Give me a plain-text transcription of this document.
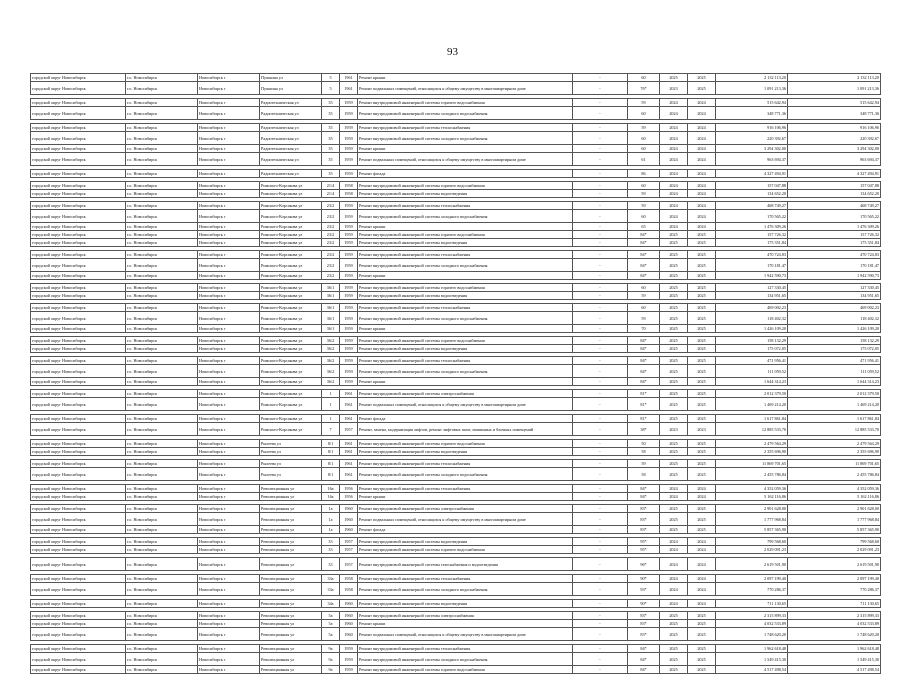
93
городской округ Новосибирск	г.о. Новосибирск	Новосибирск г	Пушкина ул	5	1961	Ремонт крыши	-	60	2025	2025	2 132 113,20	2 132 113,20
городской округ Новосибирск	г.о. Новосибирск	Новосибирск г	Пушкина ул	5	1961	Ремонт подвальных помещений, относящихся к общему имуществу в многоквартирном доме	-	76*	2023	2025	1 091 213,36	1 091 213,36

городской округ Новосибирск	г.о. Новосибирск	Новосибирск г	Радиотехническая ул	35	1959	Ремонт внутридомовой инженерной системы горячего водоснабжения	-	59	2024	2024	515 642,94	515 642,94
городской округ Новосибирск	г.о. Новосибирск	Новосибирск г	Радиотехническая ул	35	1959	Ремонт внутридомовой инженерной системы холодного водоснабжения	-	60	2024	2024	348 771,36	348 771,36

городской округ Новосибирск	г.о. Новосибирск	Новосибирск г	Радиотехническая ул	35	1959	Ремонт внутридомовой инженерной системы теплоснабжения	-	59	2024	2024	916 106,96	916 106,96
городской округ Новосибирск	г.о. Новосибирск	Новосибирск г	Радиотехническая ул	35	1959	Ремонт внутридомовой инженерной системы холодного водоснабжения	-	60	2024	2024	220 392,67	220 392,67
городской округ Новосибирск	г.о. Новосибирск	Новосибирск г	Радиотехническая ул	35	1959	Ремонт крыши	-	60	2024	2024	3 294 302,00	3 294 302,00
городской округ Новосибирск	г.о. Новосибирск	Новосибирск г	Радиотехническая ул	35	1959	Ремонт подвальных помещений, относящихся к общему имуществу в многоквартирном доме	-	61	2024	2024	963 694,37	963 694,37

городской округ Новосибирск	г.о. Новосибирск	Новосибирск г	Радиотехническая ул	35	1959	Ремонт фасада	-	86	2024	2024	4 327 494,91	4 327 494,91

городской округ Новосибирск	г.о. Новосибирск	Новосибирск г	Римского-Корсакова ул	21/4	1958	Ремонт внутридомовой инженерной системы горячего водоснабжения	-	60	2024	2024	157 047,88	157 047,88
городской округ Новосибирск	г.о. Новосибирск	Новосибирск г	Римского-Корсакова ул	21/4	1958	Ремонт внутридомовой инженерной системы водоотведения	-	59	2024	2024	134 652,20	134 652,20

городской округ Новосибирск	г.о. Новосибирск	Новосибирск г	Римского-Корсакова ул	23/2	1959	Ремонт внутридомовой инженерной системы теплоснабжения	-	59	2024	2024	468 749,27	468 749,27
городской округ Новосибирск	г.о. Новосибирск	Новосибирск г	Римского-Корсакова ул	23/2	1959	Ремонт внутридомовой инженерной системы холодного водоснабжения	-	60	2024	2024	170 565,22	170 565,22
городской округ Новосибирск	г.о. Новосибирск	Новосибирск г	Римского-Корсакова ул	23/2	1959	Ремонт крыши	-	65	2024	2024	1 476 309,26	1 476 309,26
городской округ Новосибирск	г.о. Новосибирск	Новосибирск г	Римского-Корсакова ул	23/2	1959	Ремонт внутридомовой инженерной системы горячего водоснабжения	-	84*	2025	2025	157 726,32	157 726,32
городской округ Новосибирск	г.о. Новосибирск	Новосибирск г	Римского-Корсакова ул	23/2	1959	Ремонт внутридомовой инженерной системы водоотведения	-	84*	2025	2025	175 351,84	175 351,84

городской округ Новосибирск	г.о. Новосибирск	Новосибирск г	Римского-Корсакова ул	23/2	1959	Ремонт внутридомовой инженерной системы теплоснабжения	-	84*	2025	2025	470 724,83	470 724,83
городской округ Новосибирск	г.о. Новосибирск	Новосибирск г	Римского-Корсакова ул	23/2	1959	Ремонт внутридомовой инженерной системы холодного водоснабжения	-	84*	2025	2025	170 181,47	170 181,47
городской округ Новосибирск	г.о. Новосибирск	Новосибирск г	Римского-Корсакова ул	23/2	1959	Ремонт крыши	-	84*	2025	2025	1 942 590,73	1 942 590,73

городской округ Новосибирск	г.о. Новосибирск	Новосибирск г	Римского-Корсакова ул	36/1	1959	Ремонт внутридомовой инженерной системы горячего водоснабжения	-	60	2025	2025	127 330,45	127 330,45
городской округ Новосибирск	г.о. Новосибирск	Новосибирск г	Римского-Корсакова ул	36/1	1959	Ремонт внутридомовой инженерной системы водоотведения	-	59	2025	2025	134 951,65	134 951,65

городской округ Новосибирск	г.о. Новосибирск	Новосибирск г	Римского-Корсакова ул	36/1	1959	Ремонт внутридомовой инженерной системы теплоснабжения	-	60	2025	2025	469 002,23	469 002,23
городской округ Новосибирск	г.о. Новосибирск	Новосибирск г	Римского-Корсакова ул	36/1	1959	Ремонт внутридомовой инженерной системы холодного водоснабжения	-	59	2025	2025	118 402,32	118 402,32
городской округ Новосибирск	г.о. Новосибирск	Новосибирск г	Римского-Корсакова ул	36/1	1959	Ремонт крыши	-	70	2025	2025	1 426 109,20	1 426 109,20

городской округ Новосибирск	г.о. Новосибирск	Новосибирск г	Римского-Корсакова ул	36/2	1959	Ремонт внутридомовой инженерной системы горячего водоснабжения	-	84*	2025	2025	158 132,29	158 132,29
городской округ Новосибирск	г.о. Новосибирск	Новосибирск г	Римского-Корсакова ул	36/2	1959	Ремонт внутридомовой инженерной системы водоотведения	-	84*	2025	2025	175 072,05	175 072,05

городской округ Новосибирск	г.о. Новосибирск	Новосибирск г	Римского-Корсакова ул	36/2	1959	Ремонт внутридомовой инженерной системы теплоснабжения	-	84*	2025	2025	471 956,41	471 956,41
городской округ Новосибирск	г.о. Новосибирск	Новосибирск г	Римского-Корсакова ул	36/2	1959	Ремонт внутридомовой инженерной системы холодного водоснабжения	-	84*	2025	2025	111 059,52	111 059,52
городской округ Новосибирск	г.о. Новосибирск	Новосибирск г	Римского-Корсакова ул	36/2	1959	Ремонт крыши	-	84*	2025	2025	1 644 314,23	1 644 314,23

городской округ Новосибирск	г.о. Новосибирск	Новосибирск г	Римского-Корсакова ул	1	1961	Ремонт внутридомовой инженерной системы электроснабжения	-	81*	2025	2025	2 012 379,50	2 012 379,50
городской округ Новосибирск	г.о. Новосибирск	Новосибирск г	Римского-Корсакова ул	1	1961	Ремонт подвальных помещений, относящихся к общему имуществу в многоквартирном доме	-	81*	2025	2025	1 469 214,20	1 469 214,20

городской округ Новосибирск	г.о. Новосибирск	Новосибирск г	Римского-Корсакова ул	1	1961	Ремонт фасада	-	81*	2025	2025	1 617 861,84	1 617 861,84
городской округ Новосибирск	г.о. Новосибирск	Новосибирск г	Римского-Корсакова ул	7	1957	Ремонт, замена, модернизация лифтов, ремонт лифтовых шахт, машинных и блочных помещений	-	38*	2023	2023	12 885 533,70	12 885 533,70

городской округ Новосибирск	г.о. Новосибирск	Новосибирск г	Рылеева ул	8/1	1961	Ремонт внутридомовой инженерной системы горячего водоснабжения	-	50	2025	2025	2 479 564,29	2 479 564,29
городской округ Новосибирск	г.о. Новосибирск	Новосибирск г	Рылеева ул	8/1	1961	Ремонт внутридомовой инженерной системы водоотведения	-	58	2025	2025	2 355 696,90	2 355 696,90

городской округ Новосибирск	г.о. Новосибирск	Новосибирск г	Рылеева ул	8/1	1961	Ремонт внутридомовой инженерной системы теплоснабжения	-	59	2025	2025	11 869 701,65	11 869 701,65
городской округ Новосибирск	г.о. Новосибирск	Новосибирск г	Рылеева ул	8/1	1961	Ремонт внутридомовой инженерной системы холодного водоснабжения	-	58	2025	2025	2 455 786,84	2 455 786,84

городской округ Новосибирск	г.о. Новосибирск	Новосибирск г	Революционная ул	16а	1956	Ремонт внутридомовой инженерной системы теплоснабжения	-	84*	2024	2024	4 352 059,36	4 352 059,36
городской округ Новосибирск	г.о. Новосибирск	Новосибирск г	Революционная ул	16а	1956	Ремонт крыши	-	84*	2024	2024	5 162 116,86	5 162 116,86

городской округ Новосибирск	г.о. Новосибирск	Новосибирск г	Революционная ул	1а	1960	Ремонт внутридомовой инженерной системы электроснабжения	-	83*	2025	2025	2 901 628,00	2 901 628,00
городской округ Новосибирск	г.о. Новосибирск	Новосибирск г	Революционная ул	1а	1960	Ремонт подвальных помещений, относящихся к общему имуществу в многоквартирном доме	-	83*	2025	2025	1 777 968,84	1 777 968,84
городской округ Новосибирск	г.о. Новосибирск	Новосибирск г	Революционная ул	1а	1960	Ремонт фасада	-	83*	2025	2025	5 857 365,90	5 857 365,90

городской округ Новосибирск	г.о. Новосибирск	Новосибирск г	Революционная ул	33	1957	Ремонт внутридомовой инженерной системы водоотведения	-	95*	2024	2024	799 568,60	799 568,60
городской округ Новосибирск	г.о. Новосибирск	Новосибирск г	Революционная ул	33	1957	Ремонт внутридомовой инженерной системы горячего водоснабжения	-	95*	2024	2024	2 029 091,23	2 029 091,23

городской округ Новосибирск	г.о. Новосибирск	Новосибирск г	Революционная ул	33	1957	Ремонт внутридомовой инженерной системы газоснабжения и водоотведения	-	96*	2024	2024	2 619 501,90	2 619 501,90

городской округ Новосибирск	г.о. Новосибирск	Новосибирск г	Революционная ул	33а	1958	Ремонт внутридомовой инженерной системы теплоснабжения	-	90*	2024	2024	2 097 199,40	2 097 199,40
городской округ Новосибирск	г.о. Новосибирск	Новосибирск г	Революционная ул	33а	1958	Ремонт внутридомовой инженерной системы холодного водоснабжения	-	93*	2024	2024	770 286,37	770 286,37

городской округ Новосибирск	г.о. Новосибирск	Новосибирск г	Революционная ул	34а	1960	Ремонт внутридомовой инженерной системы водоотведения	-	90*	2024	2024	711 130,65	711 130,65

городской округ Новосибирск	г.о. Новосибирск	Новосибирск г	Революционная ул	5а	1960	Ремонт внутридомовой инженерной системы электроснабжения	-	83*	2025	2025	2 315 899,33	2 315 899,33
городской округ Новосибирск	г.о. Новосибирск	Новосибирск г	Революционная ул	5а	1960	Ремонт крыши	-	83*	2025	2025	4 032 533,89	4 032 533,89
городской округ Новосибирск	г.о. Новосибирск	Новосибирск г	Революционная ул	5а	1960	Ремонт подвальных помещений, относящихся к общему имуществу в многоквартирном доме	-	83*	2025	2025	1 748 620,20	1 748 620,20

городской округ Новосибирск	г.о. Новосибирск	Новосибирск г	Революционная ул	9а	1959	Ремонт внутридомовой инженерной системы теплоснабжения	-	84*	2025	2025	1 962 618,48	1 962 618,48
городской округ Новосибирск	г.о. Новосибирск	Новосибирск г	Революционная ул	9а	1959	Ремонт внутридомовой инженерной системы холодного водоснабжения	-	84*	2025	2025	1 549 415,30	1 549 415,30
городской округ Новосибирск	г.о. Новосибирск	Новосибирск г	Революционная ул	9а	1959	Ремонт внутридомовой инженерной системы горячего водоснабжения	-	84*	2025	2025	4 517 498,54	4 517 498,54
